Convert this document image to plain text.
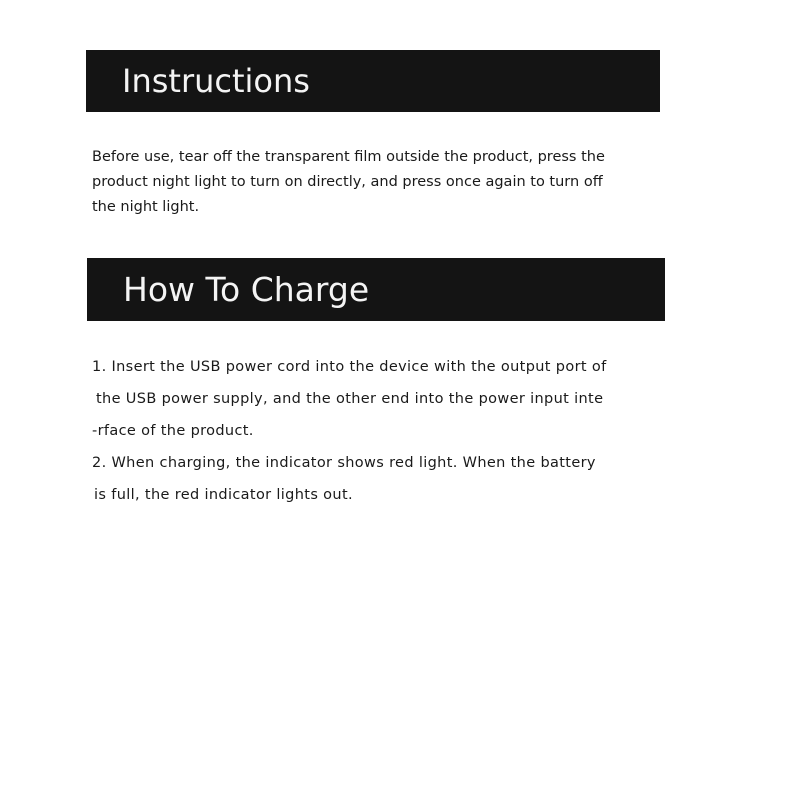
Instructions
Before use, tear off the transparent film outside the product, press the
product night light to turn on directly, and press once again to turn off
the night light.
How To Charge
1. Insert the USB power cord into the device with the output port of
the USB power supply, and the other end into the power input inte
-rface of the product.
2. When charging, the indicator shows red light. When the battery
is full, the red indicator lights out.
